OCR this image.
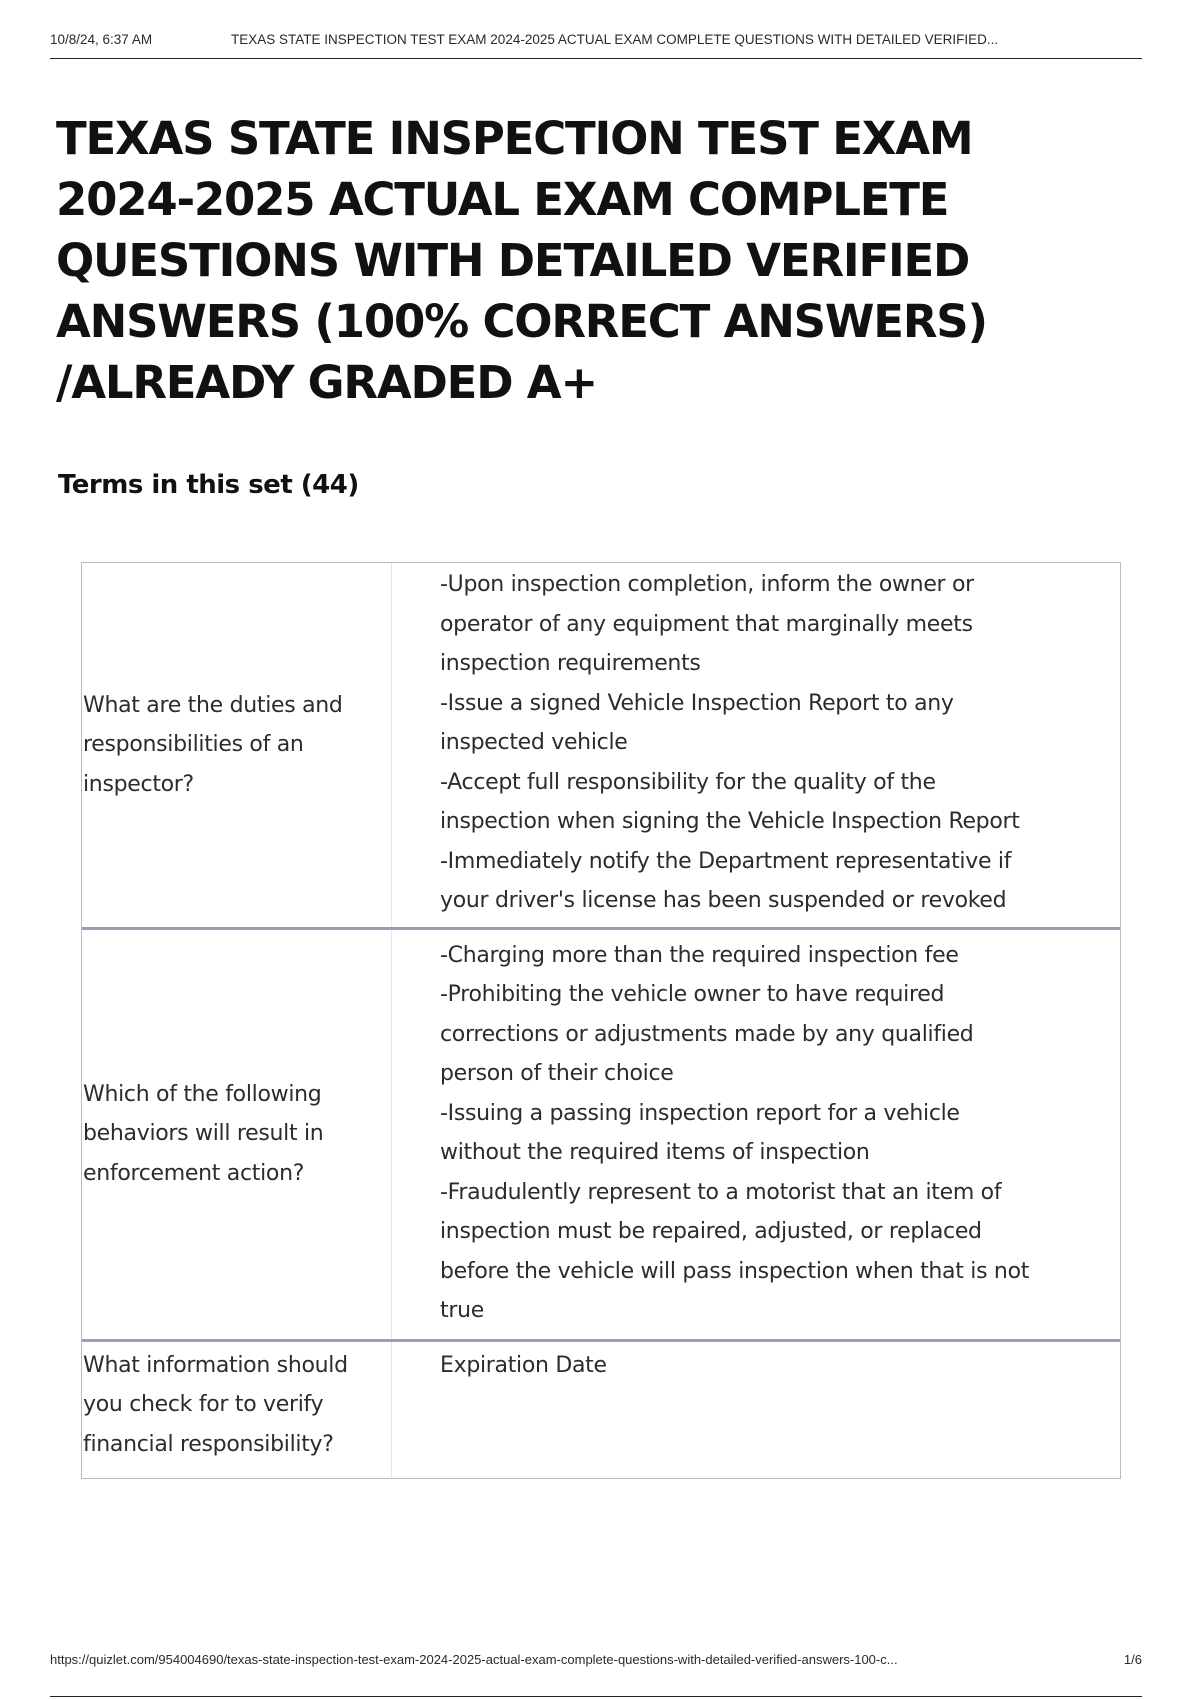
10/8/24, 6:37 AM	TEXAS STATE INSPECTION TEST EXAM 2024-2025 ACTUAL EXAM COMPLETE QUESTIONS WITH DETAILED VERIFIED...
TEXAS STATE INSPECTION TEST EXAM 2024-2025 ACTUAL EXAM COMPLETE QUESTIONS WITH DETAILED VERIFIED ANSWERS (100% CORRECT ANSWERS) /ALREADY GRADED A+
Terms in this set (44)
What are the duties and responsibilities of an inspector?
-Upon inspection completion, inform the owner or operator of any equipment that marginally meets inspection requirements
-Issue a signed Vehicle Inspection Report to any inspected vehicle
-Accept full responsibility for the quality of the inspection when signing the Vehicle Inspection Report
-Immediately notify the Department representative if your driver's license has been suspended or revoked
Which of the following behaviors will result in enforcement action?
-Charging more than the required inspection fee
-Prohibiting the vehicle owner to have required corrections or adjustments made by any qualified person of their choice
-Issuing a passing inspection report for a vehicle without the required items of inspection
-Fraudulently represent to a motorist that an item of inspection must be repaired, adjusted, or replaced before the vehicle will pass inspection when that is not true
What information should you check for to verify financial responsibility?
Expiration Date
https://quizlet.com/954004690/texas-state-inspection-test-exam-2024-2025-actual-exam-complete-questions-with-detailed-verified-answers-100-c...	1/6
